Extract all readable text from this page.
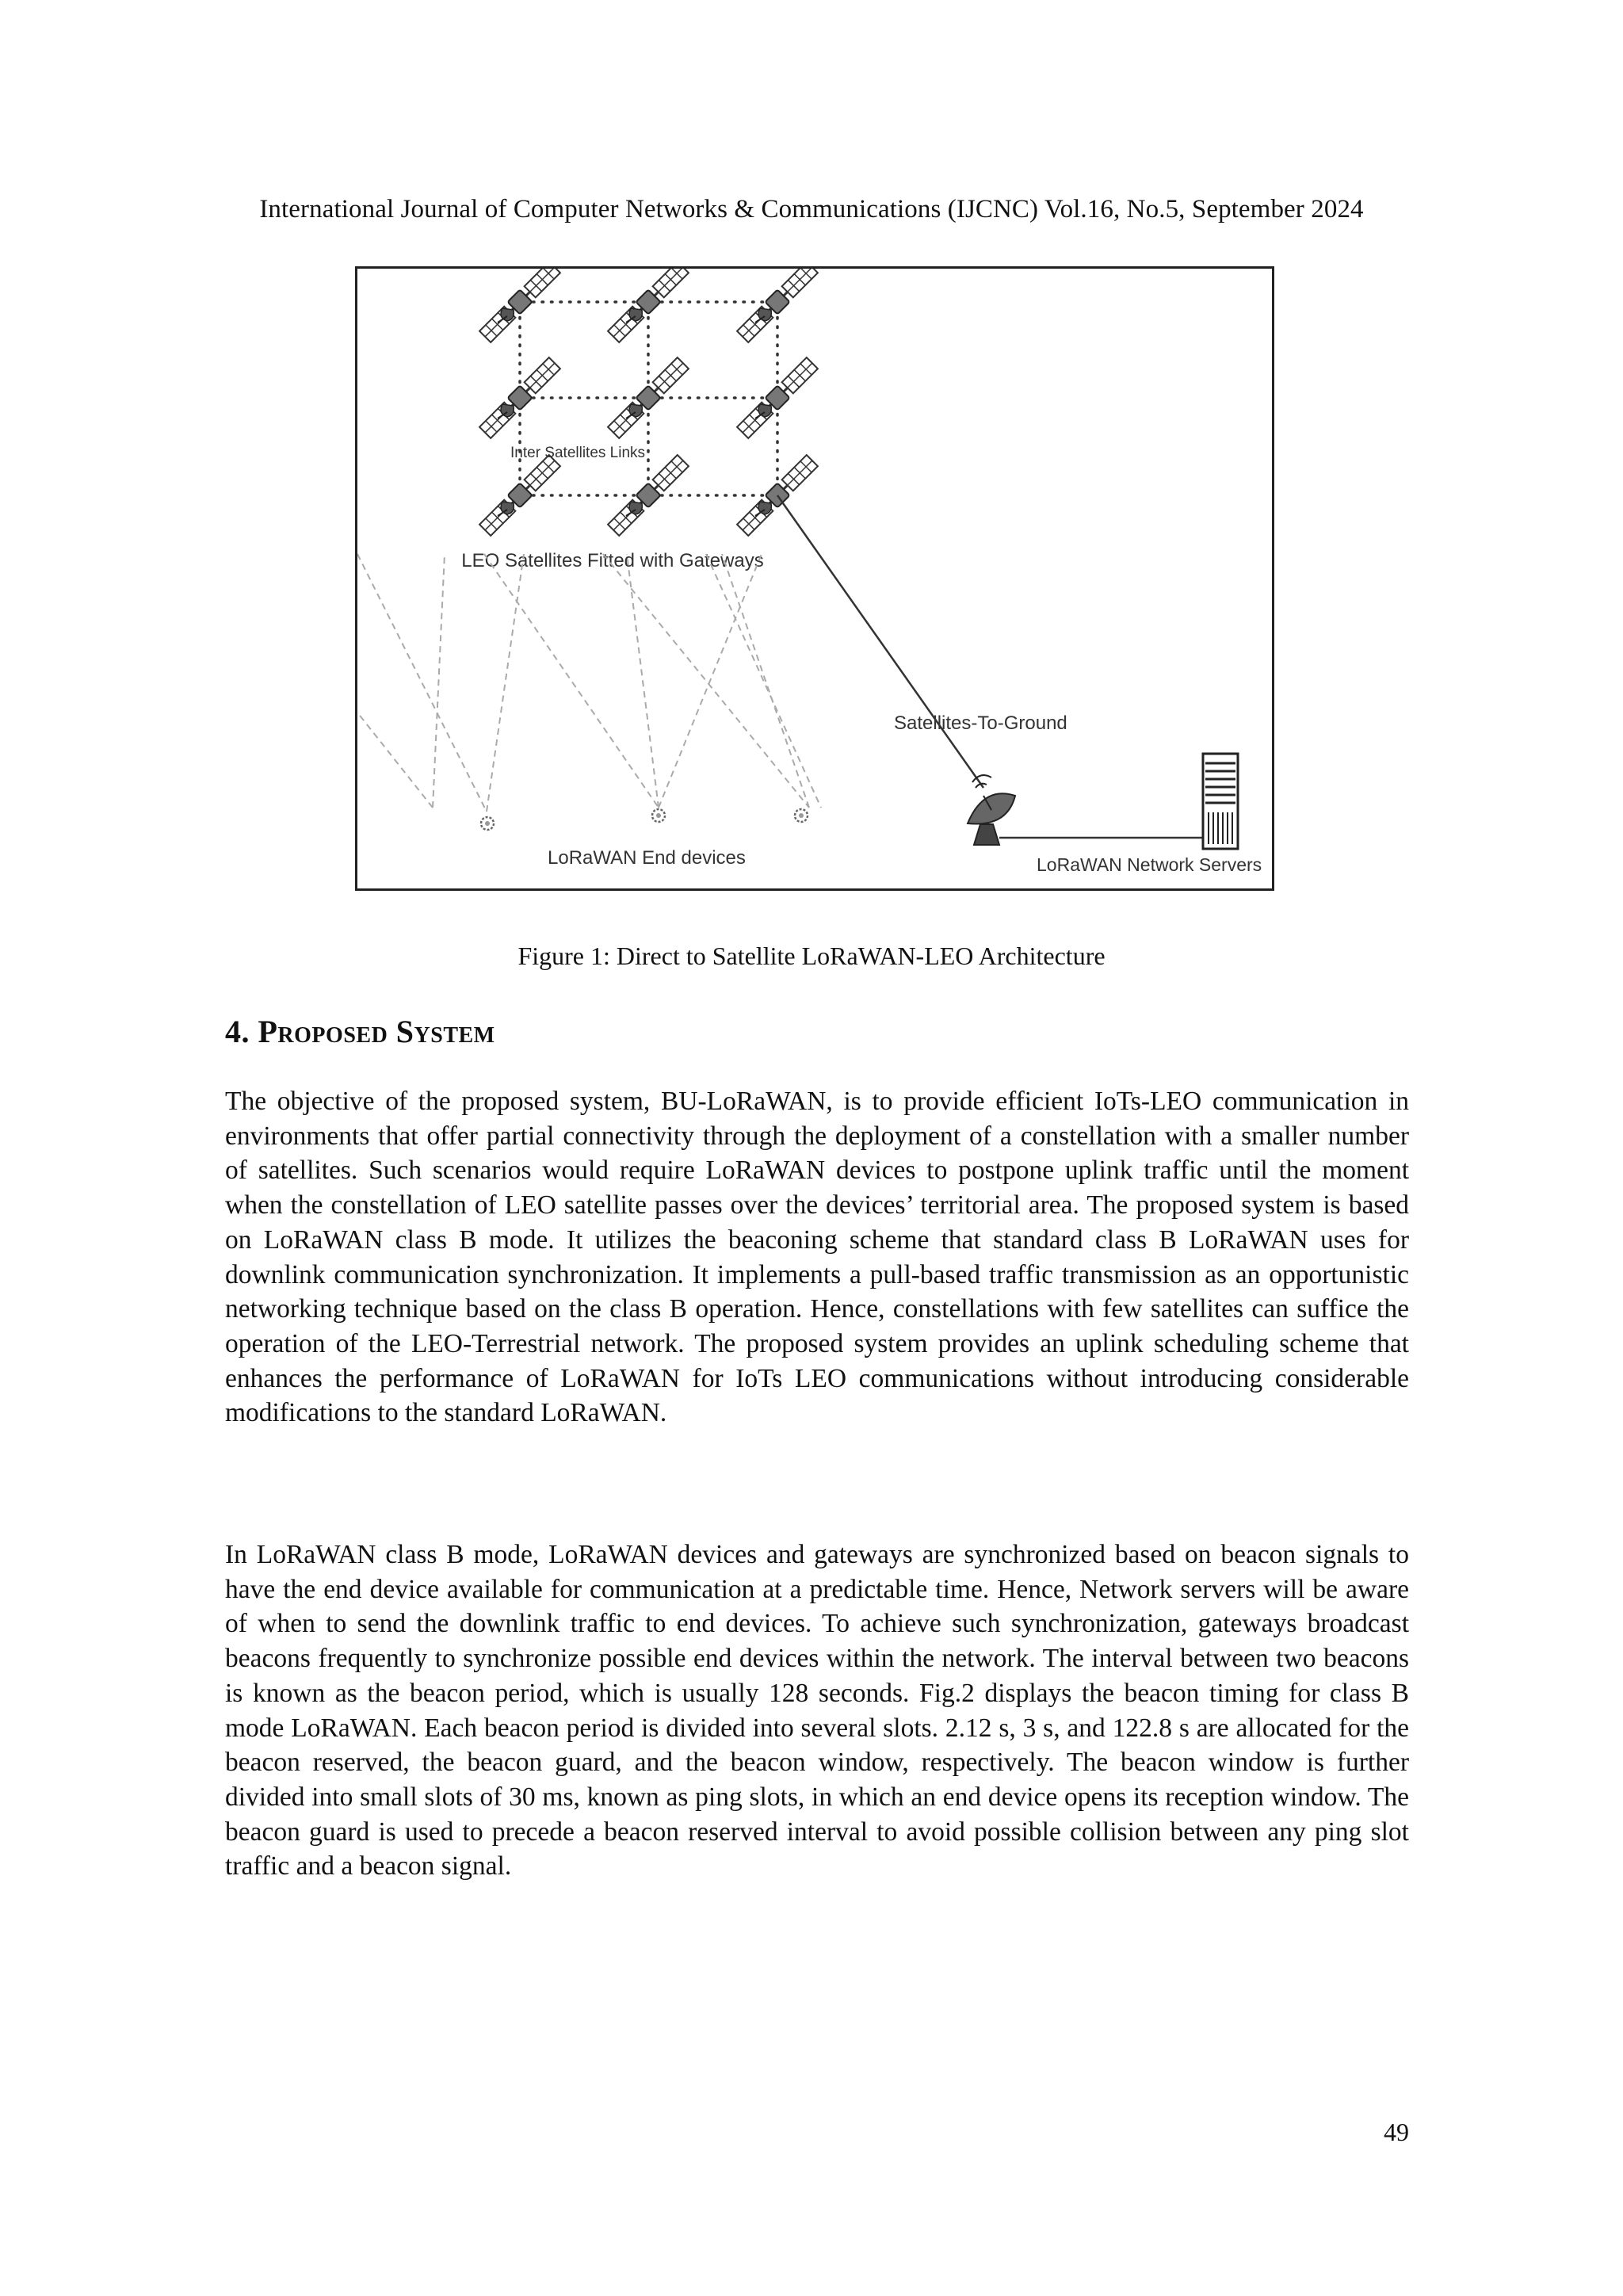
International Journal of Computer Networks & Communications (IJCNC) Vol.16, No.5, September 2024
Inter Satellites Links
LEO Satellites Fitted with Gateways
LoRaWAN End devices
Satellites-To-Ground
LoRaWAN Network Servers
Figure 1: Direct to Satellite LoRaWAN-LEO Architecture
4. Proposed System

The objective of the proposed system, BU-LoRaWAN, is to provide efficient IoTs-LEO communication in environments that offer partial connectivity through the deployment of a constellation with a smaller number of satellites. Such scenarios would require LoRaWAN devices to postpone uplink traffic until the moment when the constellation of LEO satellite passes over the devices’ territorial area. The proposed system is based on LoRaWAN class B mode. It utilizes the beaconing scheme that standard class B LoRaWAN uses for downlink communication synchronization. It implements a pull-based traffic transmission as an opportunistic networking technique based on the class B operation. Hence, constellations with few satellites can suffice the operation of the LEO-Terrestrial network. The proposed system provides an uplink scheduling scheme that enhances the performance of LoRaWAN for IoTs LEO communications without introducing considerable modifications to the standard LoRaWAN.

In LoRaWAN class B mode, LoRaWAN devices and gateways are synchronized based on beacon signals to have the end device available for communication at a predictable time. Hence, Network servers will be aware of when to send the downlink traffic to end devices. To achieve such synchronization, gateways broadcast beacons frequently to synchronize possible end devices within the network. The interval between two beacons is known as the beacon period, which is usually 128 seconds. Fig.2 displays the beacon timing for class B mode LoRaWAN. Each beacon period is divided into several slots. 2.12 s, 3 s, and 122.8 s are allocated for the beacon reserved, the beacon guard, and the beacon window, respectively. The beacon window is further divided into small slots of 30 ms, known as ping slots, in which an end device opens its reception window. The beacon guard is used to precede a beacon reserved interval to avoid possible collision between any ping slot traffic and a beacon signal.

49
